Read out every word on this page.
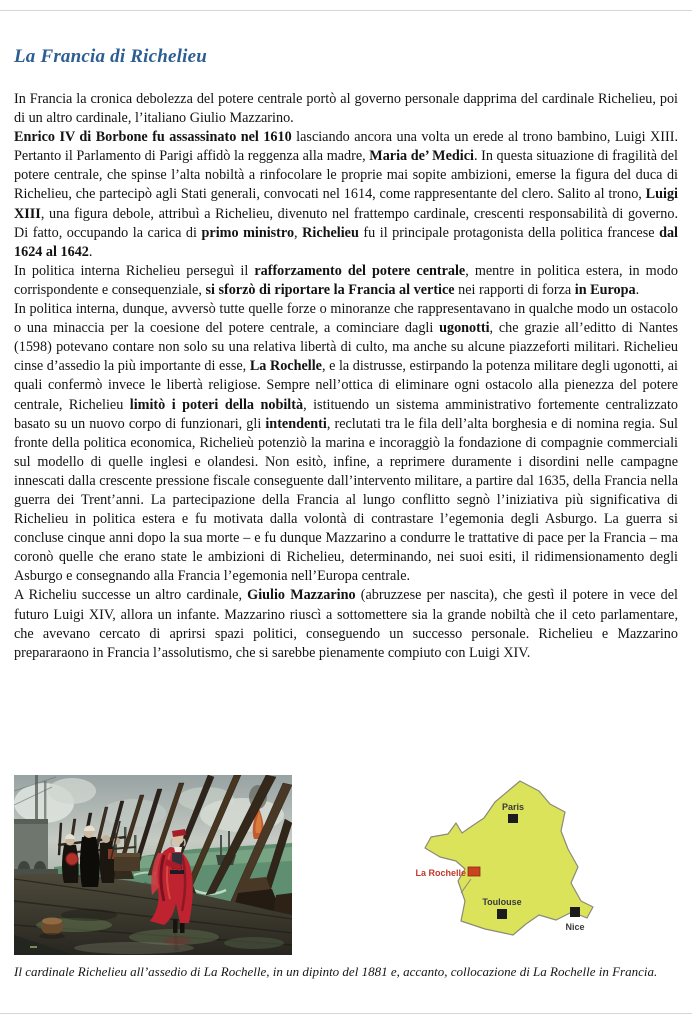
La Francia di Richelieu

In Francia la cronica debolezza del potere centrale portò al governo personale dapprima del cardinale Richelieu, poi di un altro cardinale, l’italiano Giulio Mazzarino.

Enrico IV di Borbone fu assassinato nel 1610 lasciando ancora una volta un erede al trono bambino, Luigi XIII. Pertanto il Parlamento di Parigi affidò la reggenza alla madre, Maria de’ Medici. In questa situazione di fragilità del potere centrale, che spinse l’alta nobiltà a rinfocolare le proprie mai sopite ambizioni, emerse la figura del duca di Richelieu, che partecipò agli Stati generali, convocati nel 1614, come rappresentante del clero. Salito al trono, Luigi XIII, una figura debole, attribuì a Richelieu, divenuto nel frattempo cardinale, crescenti responsabilità di governo. Di fatto, occupando la carica di primo ministro, Richelieu fu il principale protagonista della politica francese dal 1624 al 1642.

In politica interna Richelieu perseguì il rafforzamento del potere centrale, mentre in politica estera, in modo corrispondente e consequenziale, si sforzò di riportare la Francia al vertice nei rapporti di forza in Europa.

In politica interna, dunque, avversò tutte quelle forze o minoranze che rappresentavano in qualche modo un ostacolo o una minaccia per la coesione del potere centrale, a cominciare dagli ugonotti, che grazie all’editto di Nantes (1598) potevano contare non solo su una relativa libertà di culto, ma anche su alcune piazzeforti militari. Richelieu cinse d’assedio la più importante di esse, La Rochelle, e la distrusse, estirpando la potenza militare degli ugonotti, ai quali confermò invece le libertà religiose. Sempre nell’ottica di eliminare ogni ostacolo alla pienezza del potere centrale, Richelieu limitò i poteri della nobiltà, istituendo un sistema amministrativo fortemente centralizzato basato su un nuovo corpo di funzionari, gli intendenti, reclutati tra le fila dell’alta borghesia e di nomina regia. Sul fronte della politica economica, Richelieù potenziò la marina e incoraggiò la fondazione di compagnie commerciali sul modello di quelle inglesi e olandesi. Non esitò, infine, a reprimere duramente i disordini nelle campagne innescati dalla crescente pressione fiscale conseguente dall’intervento militare, a partire dal 1635, della Francia nella guerra dei Trent’anni. La partecipazione della Francia al lungo conflitto segnò l’iniziativa più significativa di Richelieu in politica estera e fu motivata dalla volontà di contrastare l’egemonia degli Asburgo. La guerra si concluse cinque anni dopo la sua morte – e fu dunque Mazzarino a condurre le trattative di pace per la Francia – ma coronò quelle che erano state le ambizioni di Richelieu, determinando, nei suoi esiti, il ridimensionamento degli Asburgo e consegnando alla Francia l’egemonia nell’Europa centrale.

A Richeliu successe un altro cardinale, Giulio Mazzarino (abruzzese per nascita), che gestì il potere in vece del futuro Luigi XIV, allora un infante. Mazzarino riuscì a sottomettere sia la grande nobiltà che il ceto parlamentare, che avevano cercato di aprirsi spazi politici, conseguendo un successo personale. Richelieu e Mazzarino prepararaono in Francia l’assolutismo, che si sarebbe pienamente compiuto con Luigi XIV.

Paris
La Rochelle
Toulouse
Nice

Il cardinale Richelieu all’assedio di La Rochelle, in un dipinto del 1881 e, accanto, collocazione di La Rochelle in Francia.
